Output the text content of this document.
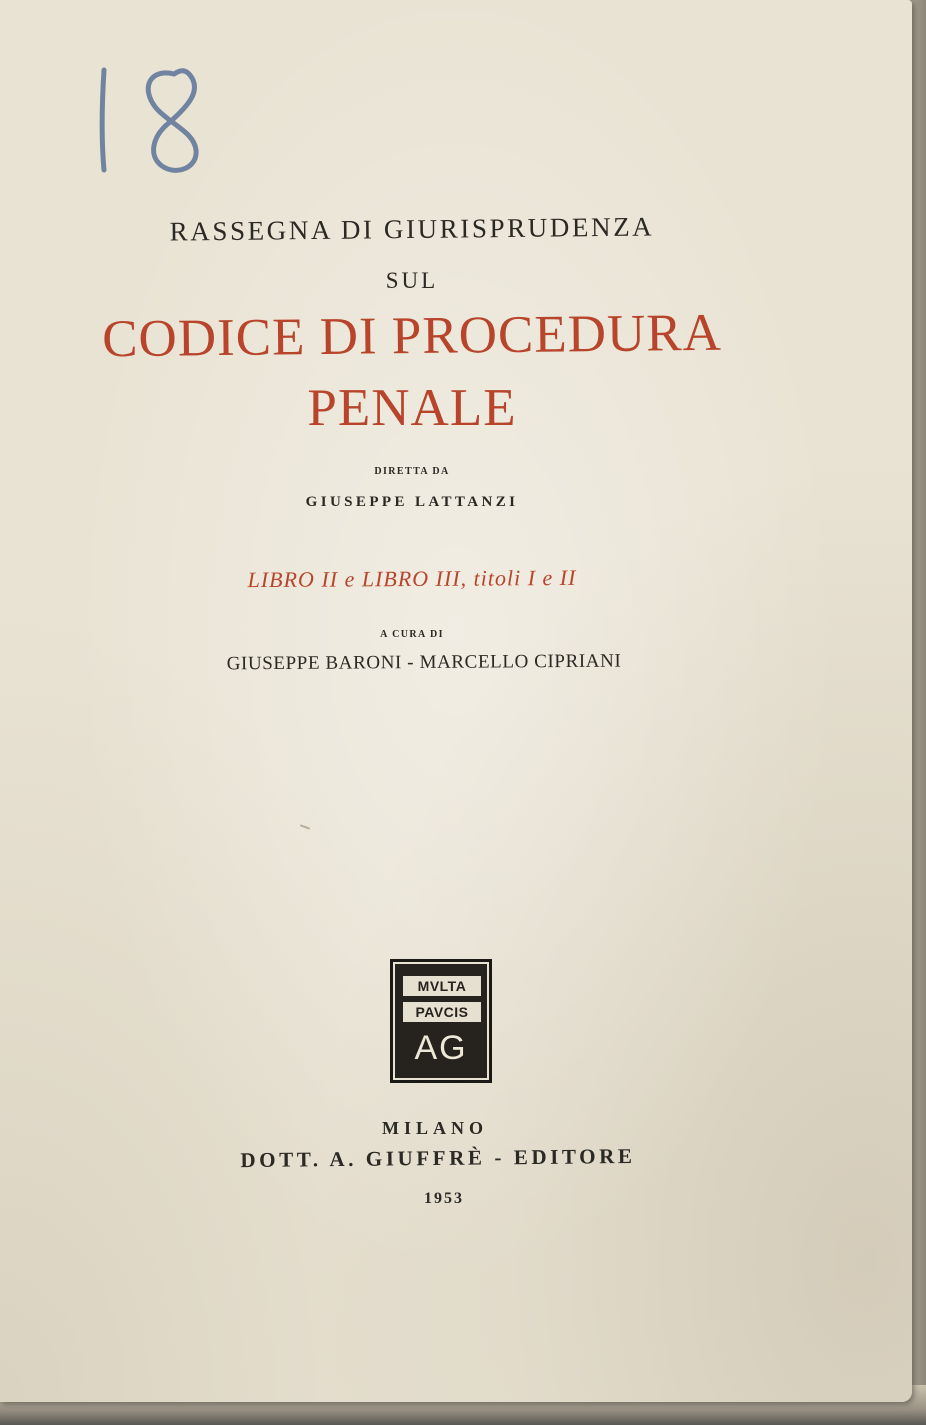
RASSEGNA DI GIURISPRUDENZA
SUL
CODICE DI PROCEDURA
PENALE
DIRETTA DA
GIUSEPPE LATTANZI
LIBRO II e LIBRO III, titoli I e II
A CURA DI
GIUSEPPE BARONI - MARCELLO CIPRIANI
MVLTA
PAVCIS
AG
MILANO
DOTT. A. GIUFFRÈ - EDITORE
1953
